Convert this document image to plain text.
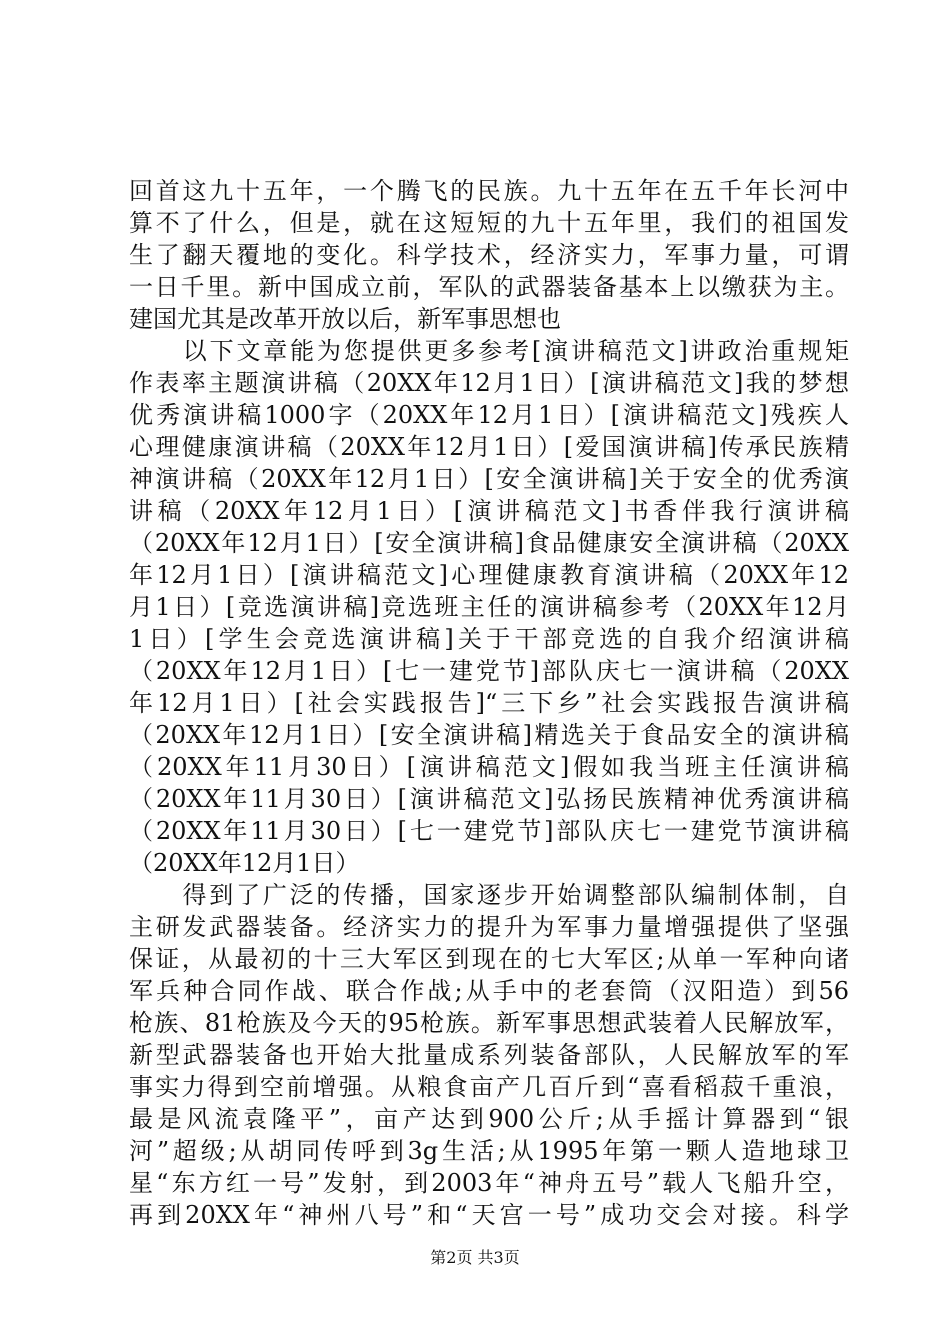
回首这九十五年，一个腾飞的民族。九十五年在五千年长河中
算不了什么，但是，就在这短短的九十五年里，我们的祖国发
生了翻天覆地的变化。科学技术，经济实力，军事力量，可谓
一日千里。新中国成立前，军队的武器装备基本上以缴获为主。
建国尤其是改革开放以后，新军事思想也
　　以下文章能为您提供更多参考[演讲稿范文]讲政治重规矩
作表率主题演讲稿（20XX年12月1日）[演讲稿范文]我的梦想
优秀演讲稿1000字（20XX年12月1日）[演讲稿范文]残疾人
心理健康演讲稿（20XX年12月1日）[爱国演讲稿]传承民族精
神演讲稿（20XX年12月1日）[安全演讲稿]关于安全的优秀演
讲稿（20XX年12月1日）[演讲稿范文]书香伴我行演讲稿
（20XX年12月1日）[安全演讲稿]食品健康安全演讲稿（20XX
年12月1日）[演讲稿范文]心理健康教育演讲稿（20XX年12
月1日）[竞选演讲稿]竞选班主任的演讲稿参考（20XX年12月
1日）[学生会竞选演讲稿]关于干部竞选的自我介绍演讲稿
（20XX年12月1日）[七一建党节]部队庆七一演讲稿（20XX
年12月1日）[社会实践报告]“三下乡”社会实践报告演讲稿
（20XX年12月1日）[安全演讲稿]精选关于食品安全的演讲稿
（20XX年11月30日）[演讲稿范文]假如我当班主任演讲稿
（20XX年11月30日）[演讲稿范文]弘扬民族精神优秀演讲稿
（20XX年11月30日）[七一建党节]部队庆七一建党节演讲稿
（20XX年12月1日）
　　得到了广泛的传播，国家逐步开始调整部队编制体制，自
主研发武器装备。经济实力的提升为军事力量增强提供了坚强
保证，从最初的十三大军区到现在的七大军区;从单一军种向诸
军兵种合同作战、联合作战;从手中的老套筒（汉阳造）到56
枪族、81枪族及今天的95枪族。新军事思想武装着人民解放军，
新型武器装备也开始大批量成系列装备部队，人民解放军的军
事实力得到空前增强。从粮食亩产几百斤到“喜看稻菽千重浪，
最是风流袁隆平”，亩产达到900公斤;从手摇计算器到“银
河”超级;从胡同传呼到3g生活;从1995年第一颗人造地球卫
星“东方红一号”发射，到2003年“神舟五号”载人飞船升空，
再到20XX年“神州八号”和“天宫一号”成功交会对接。科学
第2页 共3页
